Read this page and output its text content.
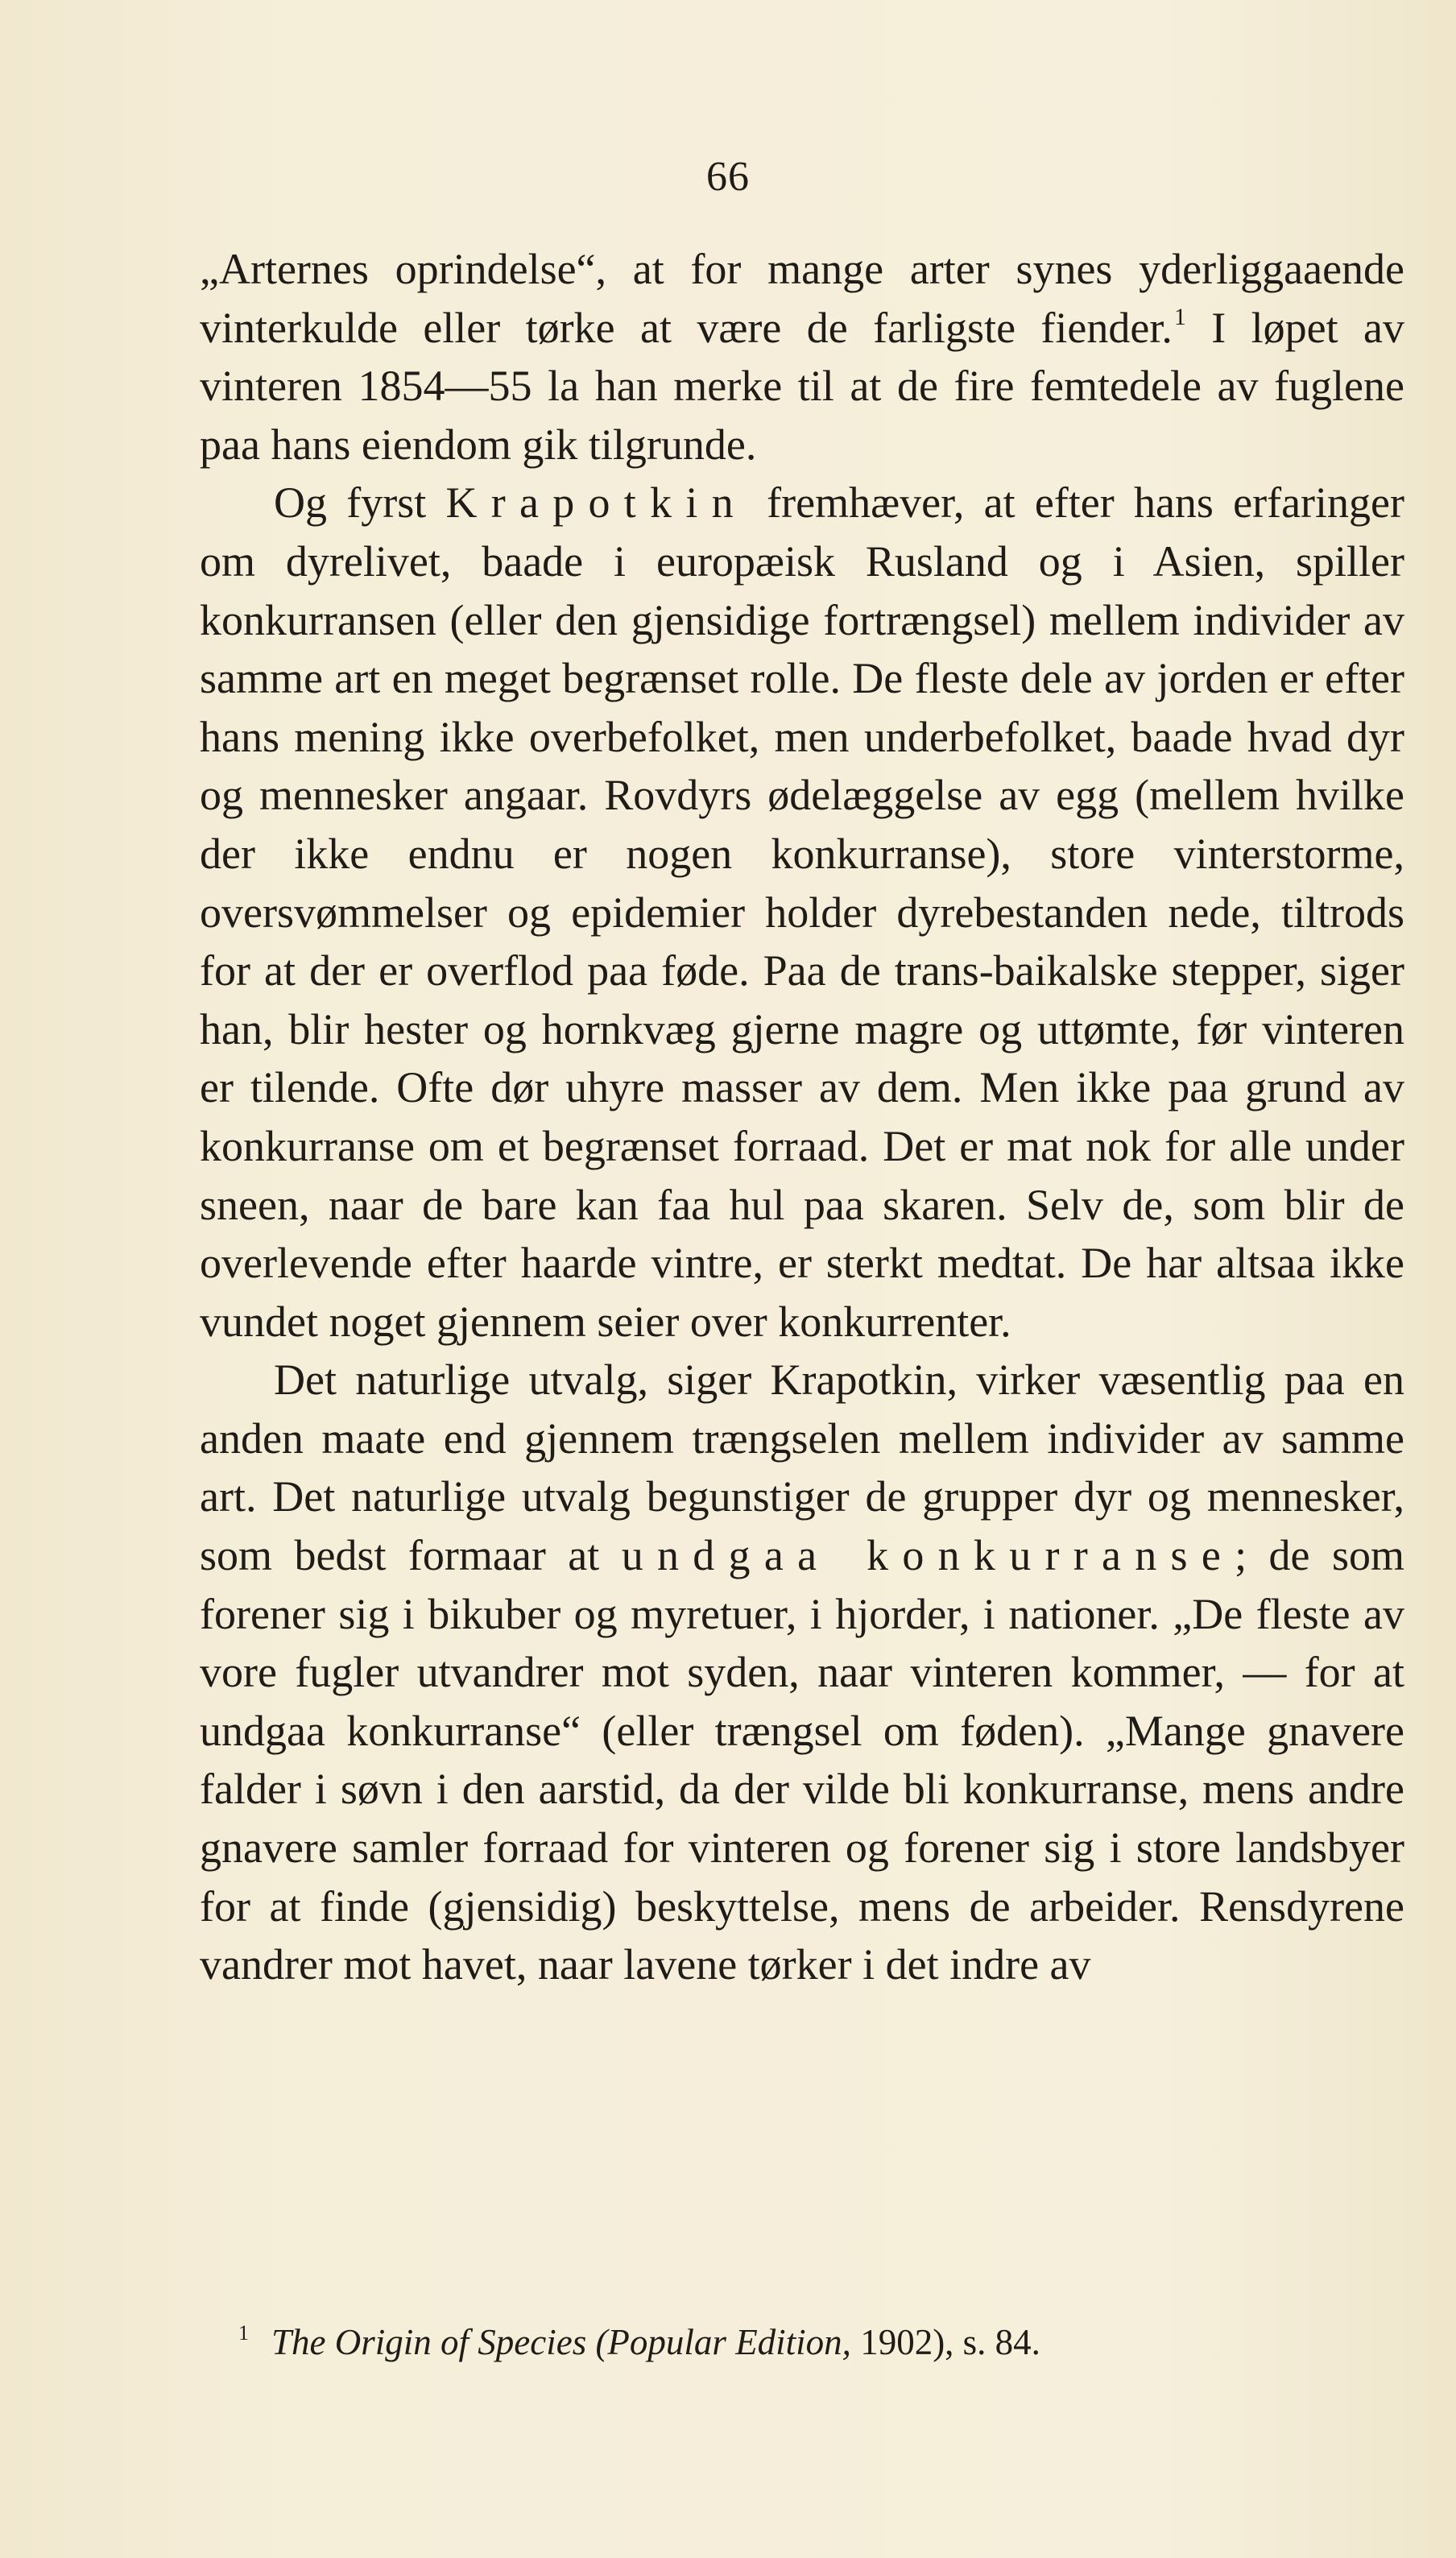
66

„Arternes oprindelse“, at for mange arter synes yderliggaaende vinterkulde eller tørke at være de farligste fiender.$^1$ I løpet av vinteren 1854—55 la han merke til at de fire femtedele av fuglene paa hans eiendom gik tilgrunde.

Og fyrst Krapotkin fremhæver, at efter hans erfaringer om dyrelivet, baade i europæisk Rusland og i Asien, spiller konkurransen (eller den gjensidige fortrængsel) mellem individer av samme art en meget begrænset rolle. De fleste dele av jorden er efter hans mening ikke overbefolket, men underbefolket, baade hvad dyr og mennesker angaar. Rovdyrs ødelæggelse av egg (mellem hvilke der ikke endnu er nogen konkurranse), store vinterstorme, oversvømmelser og epidemier holder dyrebestanden nede, tiltrods for at der er overflod paa føde. Paa de trans-baikalske stepper, siger han, blir hester og hornkvæg gjerne magre og uttømte, før vinteren er tilende. Ofte dør uhyre masser av dem. Men ikke paa grund av konkurranse om et begrænset forraad. Det er mat nok for alle under sneen, naar de bare kan faa hul paa skaren. Selv de, som blir de overlevende efter haarde vintre, er sterkt medtat. De har altsaa ikke vundet noget gjennem seier over konkurrenter.

Det naturlige utvalg, siger Krapotkin, virker væsentlig paa en anden maate end gjennem trængselen mellem individer av samme art. Det naturlige utvalg begunstiger de grupper dyr og mennesker, som bedst formaar at undgaa konkurranse; de som forener sig i bikuber og myretuer, i hjorder, i nationer. „De fleste av vore fugler utvandrer mot syden, naar vinteren kommer, — for at undgaa konkurranse“ (eller trængsel om føden). „Mange gnavere falder i søvn i den aarstid, da der vilde bli konkurranse, mens andre gnavere samler forraad for vinteren og forener sig i store landsbyer for at finde (gjensidig) beskyttelse, mens de arbeider. Rensdyrene vandrer mot havet, naar lavene tørker i det indre av

$^1$ The Origin of Species (Popular Edition, 1902), s. 84.
